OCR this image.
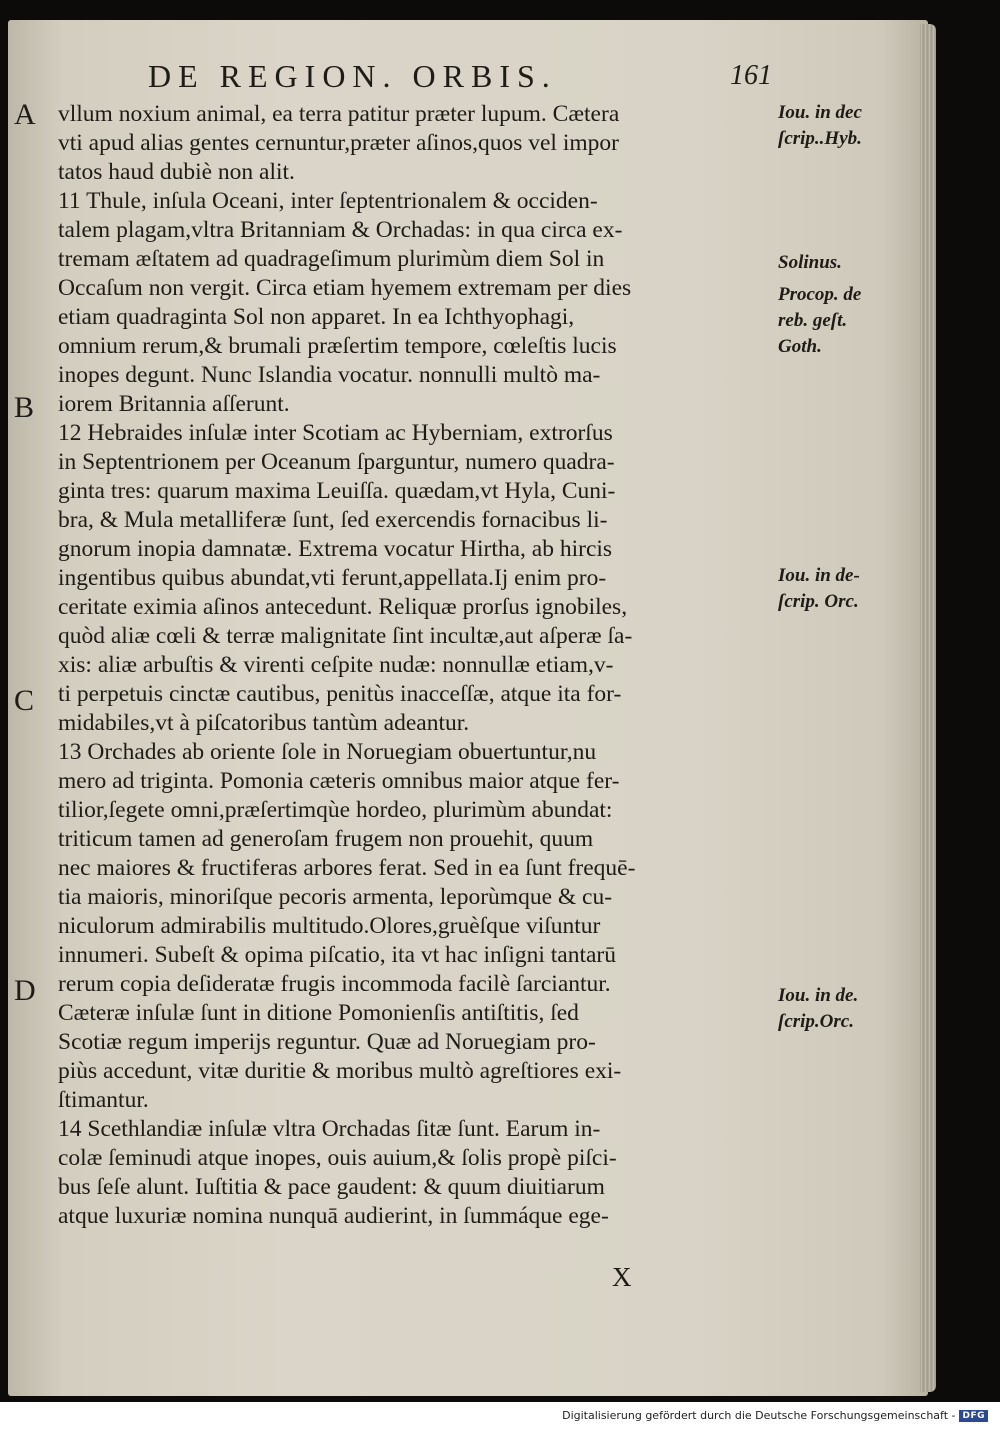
DE REGION. ORBIS.	161
vllum noxium animal, ea terra patitur præter lupum. Cætera
vti apud alias gentes cernuntur,præter aſinos,quos vel impor
tatos haud dubiè non alit.
11 Thule, inſula Oceani, inter ſeptentrionalem & occiden-
talem plagam,vltra Britanniam & Orchadas: in qua circa ex-
tremam æſtatem ad quadrageſimum plurimùm diem Sol in
Occaſum non vergit. Circa etiam hyemem extremam per dies
etiam quadraginta Sol non apparet. In ea Ichthyophagi,
omnium rerum,& brumali præſertim tempore, cœleſtis lucis
inopes degunt. Nunc Islandia vocatur. nonnulli multò ma-
iorem Britannia aſſerunt.
12 Hebraides inſulæ inter Scotiam ac Hyberniam, extrorſus
in Septentrionem per Oceanum ſparguntur, numero quadra-
ginta tres: quarum maxima Leuiſſa. quædam,vt Hyla, Cuni-
bra, & Mula metalliferæ ſunt, ſed exercendis fornacibus li-
gnorum inopia damnatæ. Extrema vocatur Hirtha, ab hircis
ingentibus quibus abundat,vti ferunt,appellata.Ij enim pro-
ceritate eximia aſinos antecedunt. Reliquæ prorſus ignobiles,
quòd aliæ cœli & terræ malignitate ſint incultæ,aut aſperæ ſa-
xis: aliæ arbuſtis & virenti ceſpite nudæ: nonnullæ etiam,v-
ti perpetuis cinctæ cautibus, penitùs inacceſſæ, atque ita for-
midabiles,vt à piſcatoribus tantùm adeantur.
13 Orchades ab oriente ſole in Noruegiam obuertuntur,nu
mero ad triginta. Pomonia cæteris omnibus maior atque fer-
tilior,ſegete omni,præſertimqùe hordeo, plurimùm abundat:
triticum tamen ad generoſam frugem non prouehit, quum
nec maiores & fructiferas arbores ferat. Sed in ea ſunt frequē-
tia maioris, minoriſque pecoris armenta, leporùmque & cu-
niculorum admirabilis multitudo.Olores,gruèſque viſuntur
innumeri. Subeſt & opima piſcatio, ita vt hac inſigni tantarū
rerum copia deſideratæ frugis incommoda facilè ſarciantur.
Cæteræ inſulæ ſunt in ditione Pomonienſis antiſtitis, ſed
Scotiæ regum imperijs reguntur. Quæ ad Noruegiam pro-
piùs accedunt, vitæ duritie & moribus multò agreſtiores exi-
ſtimantur.
14 Scethlandiæ inſulæ vltra Orchadas ſitæ ſunt. Earum in-
colæ ſeminudi atque inopes, ouis auium,& ſolis propè piſci-
bus ſeſe alunt. Iuſtitia & pace gaudent: & quum diuitiarum
atque luxuriæ nomina nunquā audierint, in ſummáque ege-
A
B
C
D
Iou. in dec
ſcrip..Hyb.
Solinus.
Procop. de
reb. geſt.
Goth.
Iou. in de-
ſcrip. Orc.
Iou. in de.
ſcrip.Orc.
X
Digitalisierung gefördert durch die Deutsche Forschungsgemeinschaft - DFG
